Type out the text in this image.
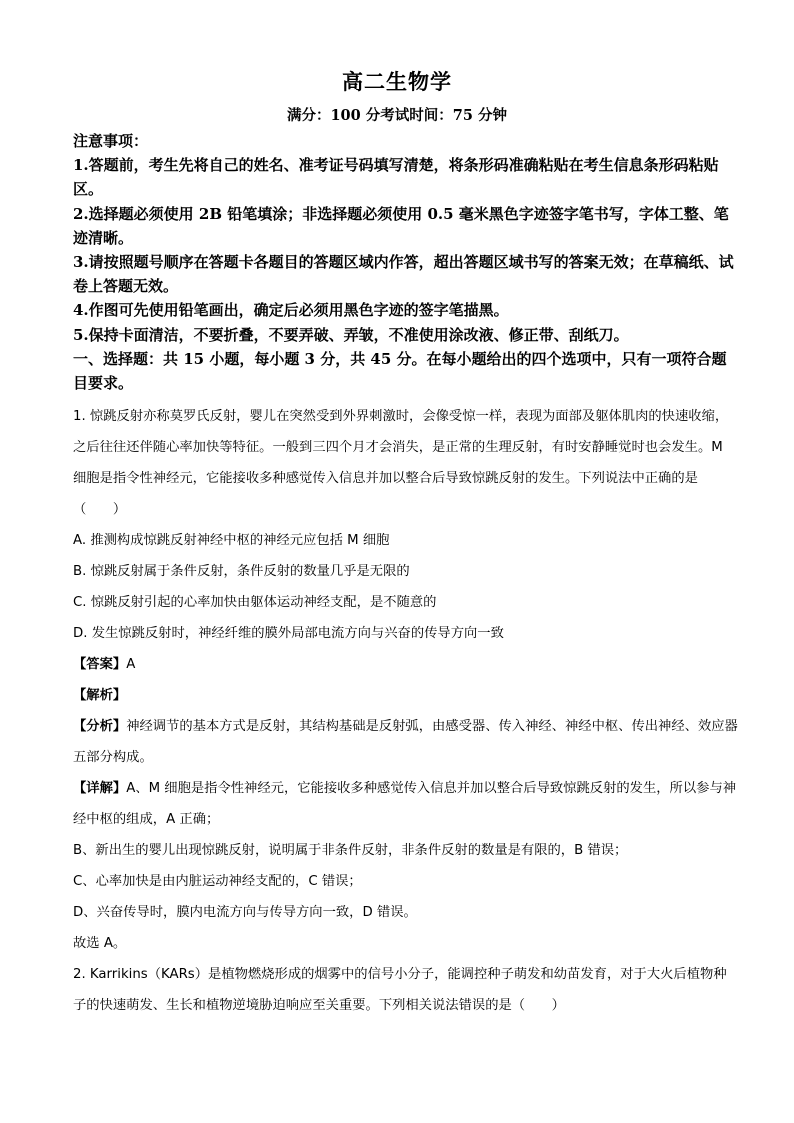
高二生物学
满分：100 分考试时间：75 分钟

注意事项：

1.答题前，考生先将自己的姓名、准考证号码填写清楚，将条形码准确粘贴在考生信息条形码粘贴区。

2.选择题必须使用 2B 铅笔填涂；非选择题必须使用 0.5 毫米黑色字迹签字笔书写，字体工整、笔迹清晰。

3.请按照题号顺序在答题卡各题目的答题区域内作答，超出答题区域书写的答案无效；在草稿纸、试卷上答题无效。

4.作图可先使用铅笔画出，确定后必须用黑色字迹的签字笔描黑。

5.保持卡面清洁，不要折叠，不要弄破、弄皱，不准使用涂改液、修正带、刮纸刀。

一、选择题：共 15 小题，每小题 3 分，共 45 分。在每小题给出的四个选项中，只有一项符合题目要求。

1. 惊跳反射亦称莫罗氏反射，婴儿在突然受到外界刺激时，会像受惊一样，表现为面部及躯体肌肉的快速收缩，之后往往还伴随心率加快等特征。一般到三四个月才会消失，是正常的生理反射，有时安静睡觉时也会发生。M 细胞是指令性神经元，它能接收多种感觉传入信息并加以整合后导致惊跳反射的发生。下列说法中正确的是（　　）

A. 推测构成惊跳反射神经中枢的神经元应包括 M 细胞

B. 惊跳反射属于条件反射，条件反射的数量几乎是无限的

C. 惊跳反射引起的心率加快由躯体运动神经支配，是不随意的

D. 发生惊跳反射时，神经纤维的膜外局部电流方向与兴奋的传导方向一致

【答案】A

【解析】

【分析】神经调节的基本方式是反射，其结构基础是反射弧，由感受器、传入神经、神经中枢、传出神经、效应器五部分构成。

【详解】A、M 细胞是指令性神经元，它能接收多种感觉传入信息并加以整合后导致惊跳反射的发生，所以参与神经中枢的组成，A 正确；

B、新出生的婴儿出现惊跳反射，说明属于非条件反射，非条件反射的数量是有限的，B 错误；

C、心率加快是由内脏运动神经支配的，C 错误；

D、兴奋传导时，膜内电流方向与传导方向一致，D 错误。

故选 A。

2. Karrikins（KARs）是植物燃烧形成的烟雾中的信号小分子，能调控种子萌发和幼苗发育，对于大火后植物种子的快速萌发、生长和植物逆境胁迫响应至关重要。下列相关说法错误的是（　　）
